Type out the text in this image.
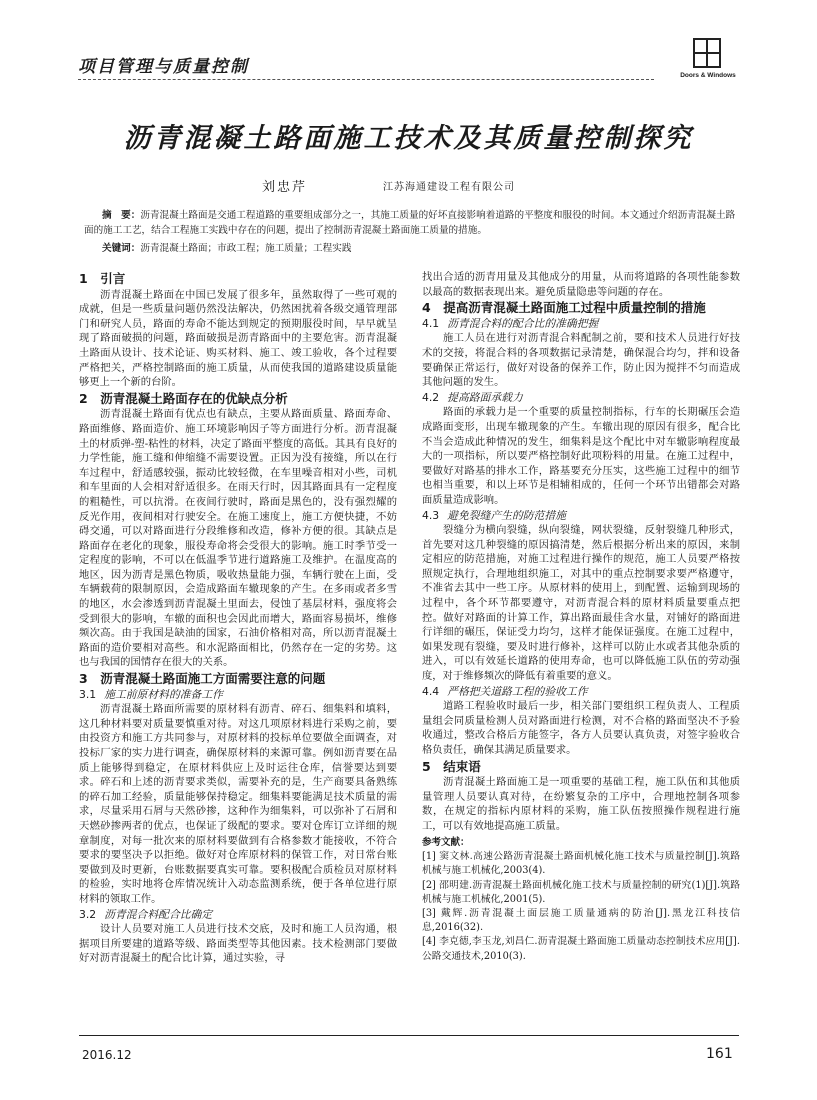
项目管理与质量控制	Doors & Windows
沥青混凝土路面施工技术及其质量控制探究
刘忠芹	江苏海通建设工程有限公司
摘　要：沥青混凝土路面是交通工程道路的重要组成部分之一，其施工质量的好坏直接影响着道路的平整度和服役的时间。本文通过介绍沥青混凝土路面的施工工艺，结合工程施工实践中存在的问题，提出了控制沥青混凝土路面施工质量的措施。
关键词：沥青混凝土路面；市政工程；施工质量；工程实践
1　引言

沥青混凝土路面在中国已发展了很多年，虽然取得了一些可观的成就，但是一些质量问题仍然没法解决，仍然困扰着各级交通管理部门和研究人员，路面的寿命不能达到规定的预期服役时间，早早就呈现了路面破损的问题，路面破损是沥青路面中的主要危害。沥青混凝土路面从设计、技术论证、购买材料、施工、竣工验收，各个过程要严格把关，严格控制路面的施工质量，从而使我国的道路建设质量能够更上一个新的台阶。

2　沥青混凝土路面存在的优缺点分析

沥青混凝土路面有优点也有缺点，主要从路面质量、路面寿命、路面维修、路面造价、施工环境影响因子等方面进行分析。沥青混凝土的材质弹-塑-粘性的材料，决定了路面平整度的高低。其具有良好的力学性能，施工缝和伸缩缝不需要设置。正因为没有接缝，所以在行车过程中，舒适感较强，振动比较轻微，在车里噪音相对小些，司机和车里面的人会相对舒适很多。在雨天行时，因其路面具有一定程度的粗糙性，可以抗滑。在夜间行驶时，路面是黑色的，没有强烈耀的反光作用，夜间相对行驶安全。在施工速度上，施工方便快捷，不妨碍交通，可以对路面进行分段维修和改造，修补方便的很。其缺点是路面存在老化的现象，服役寿命将会受很大的影响。施工时季节受一定程度的影响，不可以在低温季节进行道路施工及维护。在温度高的地区，因为沥青是黑色物质，吸收热量能力强，车辆行驶在上面，受车辆载荷的限制原因，会造成路面车辙现象的产生。在多雨或者多雪的地区，水会渗透到沥青混凝土里面去，侵蚀了基层材料，强度将会受到很大的影响，车辙的面积也会因此而增大，路面容易损坏，维修频次高。由于我国是缺油的国家，石油价格相对高，所以沥青混凝土路面的造价要相对高些。和水泥路面相比，仍然存在一定的劣势。这也与我国的国情存在很大的关系。

3　沥青混凝土路面施工方面需要注意的问题
3.1 施工前原材料的准备工作

沥青混凝土路面所需要的原材料有沥青、碎石、细集料和填料，这几种材料要对质量要慎重对待。对这几项原材料进行采购之前，要由投资方和施工方共同参与，对原材料的投标单位要做全面调查，对投标厂家的实力进行调查，确保原材料的来源可靠。例如沥青要在品质上能够得到稳定，在原材料供应上及时运往仓库，信誉要达到要求。碎石和上述的沥青要求类似，需要补充的是，生产商要具备熟练的碎石加工经验，质量能够保持稳定。细集料要能满足技术质量的需求，尽量采用石屑与天然砂掺，这种作为细集料，可以弥补了石屑和天燃砂掺两者的优点，也保证了级配的要求。要对仓库订立详细的规章制度，对每一批次来的原材料要做到有合格参数才能接收，不符合要求的要坚决予以拒绝。做好对仓库原材料的保管工作，对日常台账要做到及时更新，台账数据要真实可靠。要积极配合质检员对原材料的检验，实时地将仓库情况统计入动态监测系统，便于各单位进行原材料的领取工作。

3.2 沥青混合料配合比确定

设计人员要对施工人员进行技术交底，及时和施工人员沟通，根据项目所要建的道路等级、路面类型等其他因素。技术检测部门要做好对沥青混凝土的配合比计算，通过实验，寻

找出合适的沥青用量及其他成分的用量，从而将道路的各项性能参数以最高的数据表现出来。避免质量隐患等问题的存在。

4　提高沥青混凝土路面施工过程中质量控制的措施
4.1 沥青混合料的配合比的准确把握

施工人员在进行对沥青混合料配制之前，要和技术人员进行好技术的交接，将混合料的各项数据记录清楚，确保混合均匀，拌和设备要确保正常运行，做好对设备的保养工作，防止因为搅拌不匀而造成其他问题的发生。

4.2 提高路面承载力

路面的承载力是一个重要的质量控制指标，行车的长期碾压会造成路面变形，出现车辙现象的产生。车辙出现的原因有很多，配合比不当会造成此种情况的发生，细集料是这个配比中对车辙影响程度最大的一项指标，所以要严格控制好此项粉料的用量。在施工过程中，要做好对路基的排水工作，路基要充分压实，这些施工过程中的细节也相当重要，和以上环节是相辅相成的，任何一个环节出错都会对路面质量造成影响。

4.3 避免裂缝产生的防范措施

裂缝分为横向裂缝，纵向裂缝，网状裂缝，反射裂缝几种形式，首先要对这几种裂缝的原因搞清楚，然后根据分析出来的原因，来制定相应的防范措施，对施工过程进行操作的规范，施工人员要严格按照规定执行，合理地组织施工，对其中的重点控制要求要严格遵守，不准省去其中一些工序。从原材料的使用上，到配置、运输到现场的过程中，各个环节都要遵守，对沥青混合料的原材料质量要重点把控。做好对路面的计算工作，算出路面最佳含水量，对铺好的路面进行详细的碾压，保证受力均匀，这样才能保证强度。在施工过程中，如果发现有裂缝，要及时进行修补，这样可以防止水或者其他杂质的进入，可以有效延长道路的使用寿命，也可以降低施工队伍的劳动强度，对于维修频次的降低有着重要的意义。

4.4 严格把关道路工程的验收工作

道路工程验收时最后一步，相关部门要组织工程负责人、工程质量组会同质量检测人员对路面进行检测，对不合格的路面坚决不予验收通过，整改合格后方能签字，各方人员要认真负责，对签字验收合格负责任，确保其满足质量要求。

5　结束语

沥青混凝土路面施工是一项重要的基础工程，施工队伍和其他质量管理人员要认真对待，在纷繁复杂的工序中，合理地控制各项参数，在规定的指标内原材料的采购，施工队伍按照操作规程进行施工，可以有效地提高施工质量。

参考文献：

[1] 窦文林.高速公路沥青混凝土路面机械化施工技术与质量控制[J].筑路机械与施工机械化,2003(4).

[2] 邵明建.沥青混凝土路面机械化施工技术与质量控制的研究(1)[J].筑路机械与施工机械化,2001(5).

[3] 戴辉.沥青混凝土面层施工质量通病的防治[J].黑龙江科技信息,2016(32).

[4] 李克德,李玉龙,刘昌仁.沥青混凝土路面施工质量动态控制技术应用[J].公路交通技术,2010(3).

2016.12	161
